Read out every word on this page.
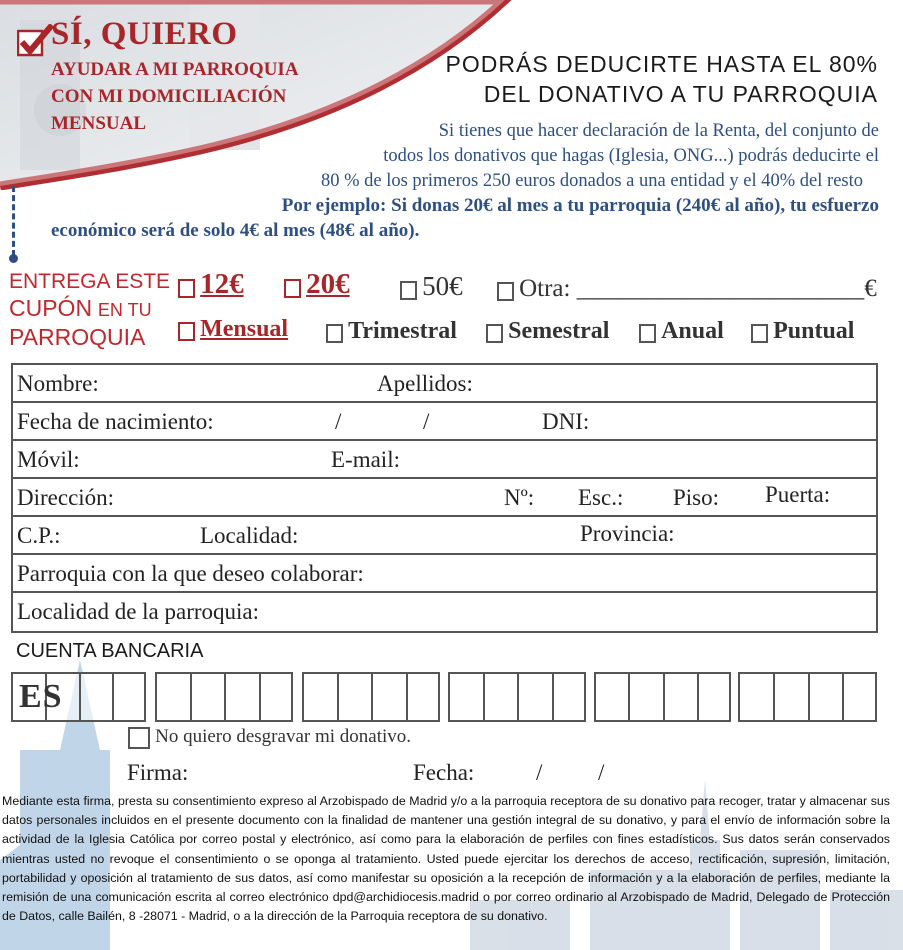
SÍ, QUIERO
AYUDAR A MI PARROQUIA
CON MI DOMICILIACIÓN
MENSUAL
PODRÁS DEDUCIRTE HASTA EL 80%
DEL DONATIVO A TU PARROQUIA
Si tienes que hacer declaración de la Renta, del conjunto de
todos los donativos que hagas (Iglesia, ONG...) podrás deducirte el
80 % de los primeros 250 euros donados a una entidad y el 40% del resto
Por ejemplo: Si donas 20€ al mes a tu parroquia (240€ al año), tu esfuerzo
económico será de solo 4€ al mes (48€ al año).
ENTREGA ESTE
CUPÓN EN TU
PARROQUIA
12€	20€	50€	Otra: _______________________€
Mensual	Trimestral	Semestral	Anual	Puntual
Nombre:	Apellidos:
Fecha de nacimiento:	/	/	DNI:
Móvil:	E-mail:
Dirección:	Nº: Esc.: Piso: Puerta:
C.P.:	Localidad:	Provincia:
Parroquia con la que deseo colaborar:
Localidad de la parroquia:
CUENTA BANCARIA
ES
No quiero desgravar mi donativo.
Firma:	Fecha:	/ /
Mediante esta firma, presta su consentimiento expreso al Arzobispado de Madrid y/o a la parroquia receptora de su donativo para recoger, tratar y almacenar sus datos personales incluidos en el presente documento con la finalidad de mantener una gestión integral de su donativo, y para el envío de información sobre la actividad de la Iglesia Católica por correo postal y electrónico, así como para la elaboración de perfiles con fines estadísticos. Sus datos serán conservados mientras usted no revoque el consentimiento o se oponga al tratamiento. Usted puede ejercitar los derechos de acceso, rectificación, supresión, limitación, portabilidad y oposición al tratamiento de sus datos, así como manifestar su oposición a la recepción de información y a la elaboración de perfiles, mediante la remisión de una comunicación escrita al correo electrónico dpd@archidiocesis.madrid o por correo ordinario al Arzobispado de Madrid, Delegado de Protección de Datos, calle Bailén, 8 -28071 - Madrid, o a la dirección de la Parroquia receptora de su donativo.
